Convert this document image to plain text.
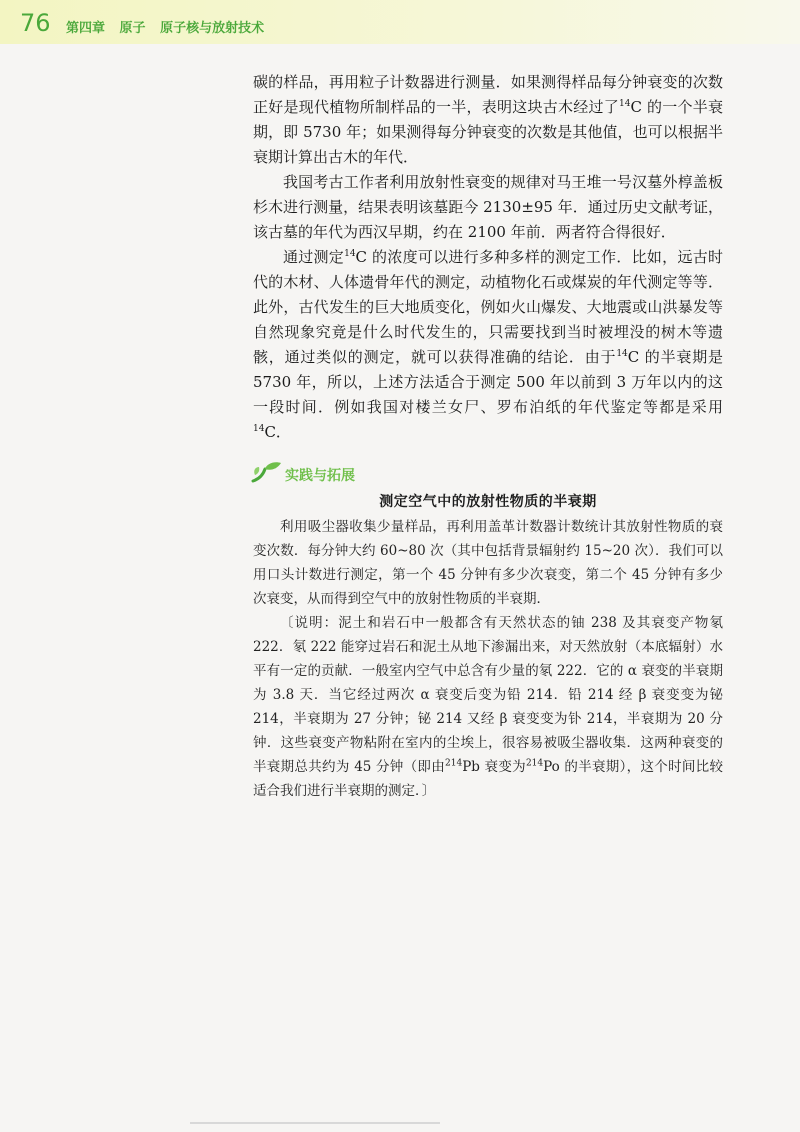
76 第四章 原子 原子核与放射技术

碳的样品，再用粒子计数器进行测量．如果测得样品每分钟衰变的次数正好是现代植物所制样品的一半，表明这块古木经过了$^{14}$C 的一个半衰期，即 5730 年；如果测得每分钟衰变的次数是其他值，也可以根据半衰期计算出古木的年代．

我国考古工作者利用放射性衰变的规律对马王堆一号汉墓外椁盖板杉木进行测量，结果表明该墓距今 2130±95 年．通过历史文献考证，该古墓的年代为西汉早期，约在 2100 年前．两者符合得很好．

通过测定$^{14}$C 的浓度可以进行多种多样的测定工作．比如，远古时代的木材、人体遗骨年代的测定，动植物化石或煤炭的年代测定等等．此外，古代发生的巨大地质变化，例如火山爆发、大地震或山洪暴发等自然现象究竟是什么时代发生的，只需要找到当时被埋没的树木等遗骸，通过类似的测定，就可以获得准确的结论．由于$^{14}$C 的半衰期是 5730 年，所以，上述方法适合于测定 500 年以前到 3 万年以内的这一段时间．例如我国对楼兰女尸、罗布泊纸的年代鉴定等都是采用$^{14}$C．

实践与拓展
测定空气中的放射性物质的半衰期

利用吸尘器收集少量样品，再利用盖革计数器计数统计其放射性物质的衰变次数．每分钟大约 60~80 次（其中包括背景辐射约 15~20 次）．我们可以用口头计数进行测定，第一个 45 分钟有多少次衰变，第二个 45 分钟有多少次衰变，从而得到空气中的放射性物质的半衰期．

〔说明：泥土和岩石中一般都含有天然状态的铀 238 及其衰变产物氡 222．氡 222 能穿过岩石和泥土从地下渗漏出来，对天然放射（本底辐射）水平有一定的贡献．一般室内空气中总含有少量的氡 222．它的 α 衰变的半衰期为 3.8 天．当它经过两次 α 衰变后变为铅 214．铅 214 经 β 衰变变为铋 214，半衰期为 27 分钟；铋 214 又经 β 衰变变为钋 214，半衰期为 20 分钟．这些衰变产物粘附在室内的尘埃上，很容易被吸尘器收集．这两种衰变的半衰期总共约为 45 分钟（即由$^{214}$Pb 衰变为$^{214}$Po 的半衰期），这个时间比较适合我们进行半衰期的测定．〕
